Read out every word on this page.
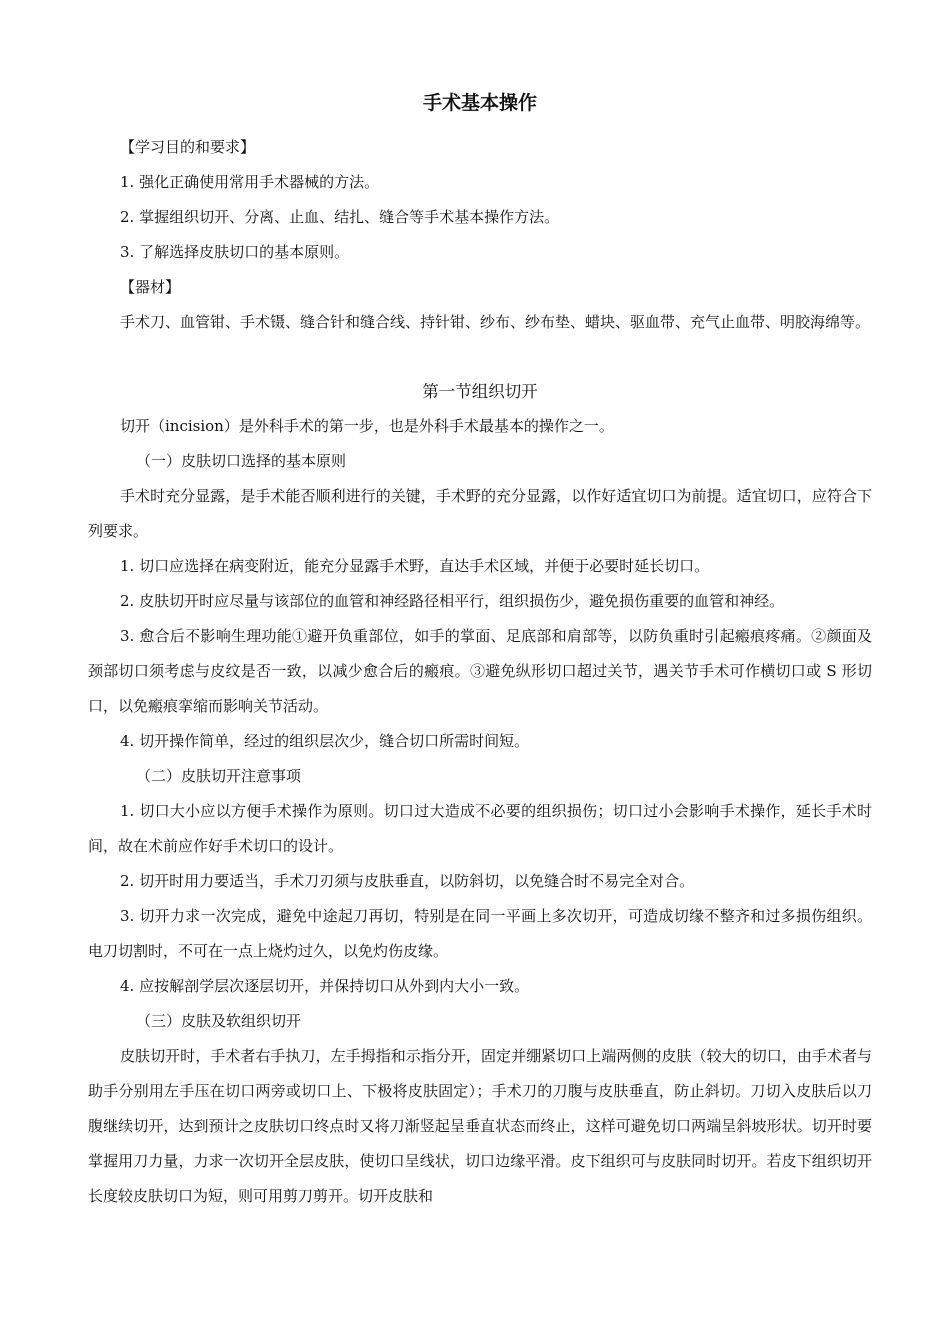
手术基本操作

【学习目的和要求】

1. 强化正确使用常用手术器械的方法。

2. 掌握组织切开、分离、止血、结扎、缝合等手术基本操作方法。

3. 了解选择皮肤切口的基本原则。

【器材】

手术刀、血管钳、手术镊、缝合针和缝合线、持针钳、纱布、纱布垫、蜡块、驱血带、充气止血带、明胶海绵等。

第一节组织切开

切开（incision）是外科手术的第一步，也是外科手术最基本的操作之一。

（一）皮肤切口选择的基本原则

手术时充分显露，是手术能否顺利进行的关键，手术野的充分显露，以作好适宜切口为前提。适宜切口，应符合下列要求。

1. 切口应选择在病变附近，能充分显露手术野，直达手术区域，并便于必要时延长切口。

2. 皮肤切开时应尽量与该部位的血管和神经路径相平行，组织损伤少，避免损伤重要的血管和神经。

3. 愈合后不影响生理功能①避开负重部位，如手的掌面、足底部和肩部等，以防负重时引起瘢痕疼痛。②颜面及颈部切口须考虑与皮纹是否一致，以减少愈合后的瘢痕。③避免纵形切口超过关节，遇关节手术可作横切口或 S 形切口，以免瘢痕挛缩而影响关节活动。

4. 切开操作简单，经过的组织层次少，缝合切口所需时间短。

（二）皮肤切开注意事项

1. 切口大小应以方便手术操作为原则。切口过大造成不必要的组织损伤；切口过小会影响手术操作，延长手术时间，故在术前应作好手术切口的设计。

2. 切开时用力要适当，手术刀刃须与皮肤垂直，以防斜切，以免缝合时不易完全对合。

3. 切开力求一次完成，避免中途起刀再切，特别是在同一平画上多次切开，可造成切缘不整齐和过多损伤组织。电刀切割时，不可在一点上烧灼过久，以免灼伤皮缘。

4. 应按解剖学层次逐层切开，并保持切口从外到内大小一致。

（三）皮肤及软组织切开

皮肤切开时，手术者右手执刀，左手拇指和示指分开，固定并绷紧切口上端两侧的皮肤（较大的切口，由手术者与助手分别用左手压在切口两旁或切口上、下极将皮肤固定）；手术刀的刀腹与皮肤垂直，防止斜切。刀切入皮肤后以刀腹继续切开，达到预计之皮肤切口终点时又将刀渐竖起呈垂直状态而终止，这样可避免切口两端呈斜坡形状。切开时要掌握用刀力量，力求一次切开全层皮肤，使切口呈线状，切口边缘平滑。皮下组织可与皮肤同时切开。若皮下组织切开长度较皮肤切口为短，则可用剪刀剪开。切开皮肤和
